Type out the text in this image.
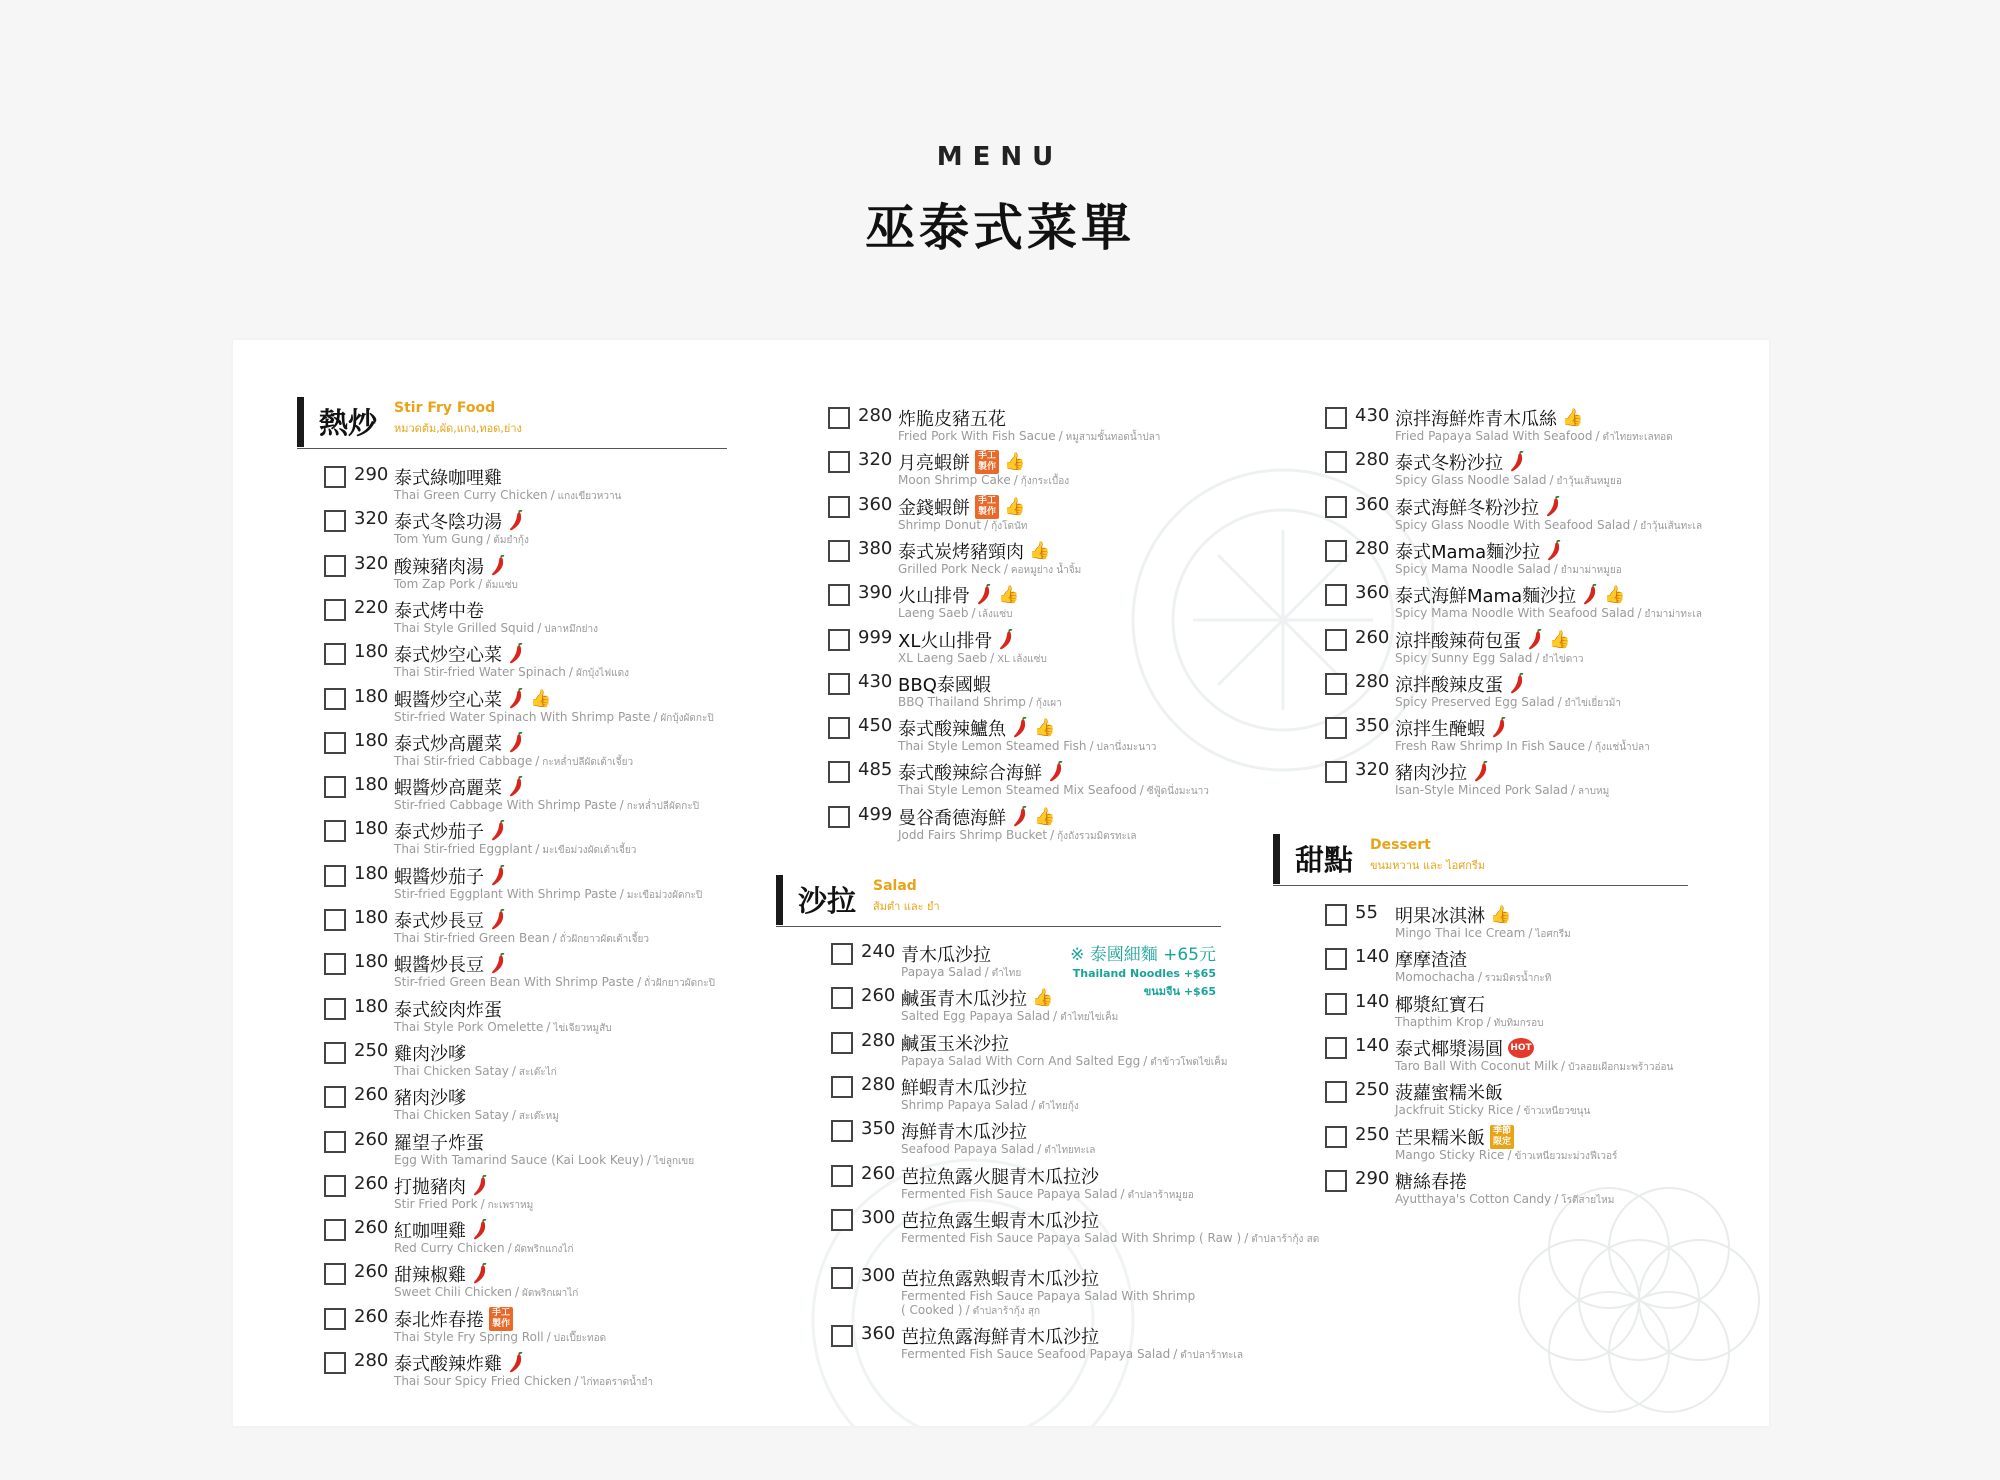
MENU
巫泰式菜單
熱炒 Stir Fry Food
หมวดต้ม,ผัด,แกง,ทอด,ย่าง
290 泰式綠咖哩雞
Thai Green Curry Chicken / แกงเขียวหวาน
320 泰式冬陰功湯
Tom Yum Gung / ต้มยำกุ้ง
320 酸辣豬肉湯
Tom Zap Pork / ต้มแซ่บ
220 泰式烤中卷
Thai Style Grilled Squid / ปลาหมึกย่าง
180 泰式炒空心菜
Thai Stir-fried Water Spinach / ผักบุ้งไฟแดง
180 蝦醬炒空心菜 👍
Stir-fried Water Spinach With Shrimp Paste / ผักบุ้งผัดกะปิ
180 泰式炒高麗菜
Thai Stir-fried Cabbage / กะหล่ำปลีผัดเต้าเจี้ยว
180 蝦醬炒高麗菜
Stir-fried Cabbage With Shrimp Paste / กะหล่ำปลีผัดกะปิ
180 泰式炒茄子
Thai Stir-fried Eggplant / มะเขือม่วงผัดเต้าเจี้ยว
180 蝦醬炒茄子
Stir-fried Eggplant With Shrimp Paste / มะเขือม่วงผัดกะปิ
180 泰式炒長豆
Thai Stir-fried Green Bean / ถั่วฝักยาวผัดเต้าเจี้ยว
180 蝦醬炒長豆
Stir-fried Green Bean With Shrimp Paste / ถั่วฝักยาวผัดกะปิ
180 泰式絞肉炸蛋
Thai Style Pork Omelette / ไข่เจียวหมูสับ
250 雞肉沙嗲
Thai Chicken Satay / สะเต๊ะไก่
260 豬肉沙嗲
Thai Chicken Satay / สะเต๊ะหมู
260 羅望子炸蛋
Egg With Tamarind Sauce (Kai Look Keuy) / ไข่ลูกเขย
260 打拋豬肉
Stir Fried Pork / กะเพราหมู
260 紅咖哩雞
Red Curry Chicken / ผัดพริกแกงไก่
260 甜辣椒雞
Sweet Chili Chicken / ผัดพริกเผาไก่
260 泰北炸春捲 手工
製作
Thai Style Fry Spring Roll / ปอเปี๊ยะทอด
280 泰式酸辣炸雞
Thai Sour Spicy Fried Chicken / ไก่ทอดราดน้ำยำ
沙拉 Salad
ส้มตำ และ ยำ
※ 泰國細麵 +65元
Thailand Noodles +$65
ขนมจีน +$65
280 炸脆皮豬五花
Fried Pork With Fish Sacue / หมูสามชั้นทอดน้ำปลา
320 月亮蝦餅 手工
製作 👍
Moon Shrimp Cake / กุ้งกระเบื้อง
360 金錢蝦餅 手工
製作 👍
Shrimp Donut / กุ้งโดนัท
380 泰式炭烤豬頸肉 👍
Grilled Pork Neck / คอหมูย่าง น้ำจิ้ม
390 火山排骨 👍
Laeng Saeb / เล้งแซ่บ
999 XL火山排骨
XL Laeng Saeb / XL เล้งแซ่บ
430 BBQ泰國蝦
BBQ Thailand Shrimp / กุ้งเผา
450 泰式酸辣鱸魚 👍
Thai Style Lemon Steamed Fish / ปลานึ่งมะนาว
485 泰式酸辣綜合海鮮
Thai Style Lemon Steamed Mix Seafood / ซีฟู้ดนึ่งมะนาว
499 曼谷喬德海鮮 👍
Jodd Fairs Shrimp Bucket / กุ้งถังรวมมิตรทะเล
240 青木瓜沙拉
Papaya Salad / ตำไทย
260 鹹蛋青木瓜沙拉 👍
Salted Egg Papaya Salad / ตำไทยไข่เค็ม
280 鹹蛋玉米沙拉
Papaya Salad With Corn And Salted Egg / ตำข้าวโพดไข่เค็ม
280 鮮蝦青木瓜沙拉
Shrimp Papaya Salad / ตำไทยกุ้ง
350 海鮮青木瓜沙拉
Seafood Papaya Salad / ตำไทยทะเล
260 芭拉魚露火腿青木瓜拉沙
Fermented Fish Sauce Papaya Salad / ตำปลาร้าหมูยอ
300 芭拉魚露生蝦青木瓜沙拉
Fermented Fish Sauce Papaya Salad With Shrimp ( Raw ) / ตำปลาร้ากุ้ง สด
300 芭拉魚露熟蝦青木瓜沙拉
Fermented Fish Sauce Papaya Salad With Shrimp
( Cooked ) / ตำปลาร้ากุ้ง สุก
360 芭拉魚露海鮮青木瓜沙拉
Fermented Fish Sauce Seafood Papaya Salad / ตำปลาร้าทะเล
甜點 Dessert
ขนมหวาน และ ไอศกรีม
430 涼拌海鮮炸青木瓜絲 👍
Fried Papaya Salad With Seafood / ตำไทยทะเลทอด
280 泰式冬粉沙拉
Spicy Glass Noodle Salad / ยำวุ้นเส้นหมูยอ
360 泰式海鮮冬粉沙拉
Spicy Glass Noodle With Seafood Salad / ยำวุ้นเส้นทะเล
280 泰式Mama麵沙拉
Spicy Mama Noodle Salad / ยำมาม่าหมูยอ
360 泰式海鮮Mama麵沙拉 👍
Spicy Mama Noodle With Seafood Salad / ยำมาม่าทะเล
260 涼拌酸辣荷包蛋 👍
Spicy Sunny Egg Salad / ยำไข่ดาว
280 涼拌酸辣皮蛋
Spicy Preserved Egg Salad / ยำไข่เยี่ยวม้า
350 涼拌生醃蝦
Fresh Raw Shrimp In Fish Sauce / กุ้งแช่น้ำปลา
320 豬肉沙拉
Isan-Style Minced Pork Salad / ลาบหมู
55 明果冰淇淋 👍
Mingo Thai Ice Cream / ไอศกรีม
140 摩摩渣渣
Momochacha / รวมมิตรน้ำกะทิ
140 椰漿紅寶石
Thapthim Krop / ทับทิมกรอบ
140 泰式椰漿湯圓 HOT
Taro Ball With Coconut Milk / บัวลอยเผือกมะพร้าวอ่อน
250 菠蘿蜜糯米飯
Jackfruit Sticky Rice / ข้าวเหนียวขนุน
250 芒果糯米飯 季節
限定
Mango Sticky Rice / ข้าวเหนียวมะม่วงฟีเวอร์
290 糖絲春捲
Ayutthaya's Cotton Candy / โรตีสายไหม
